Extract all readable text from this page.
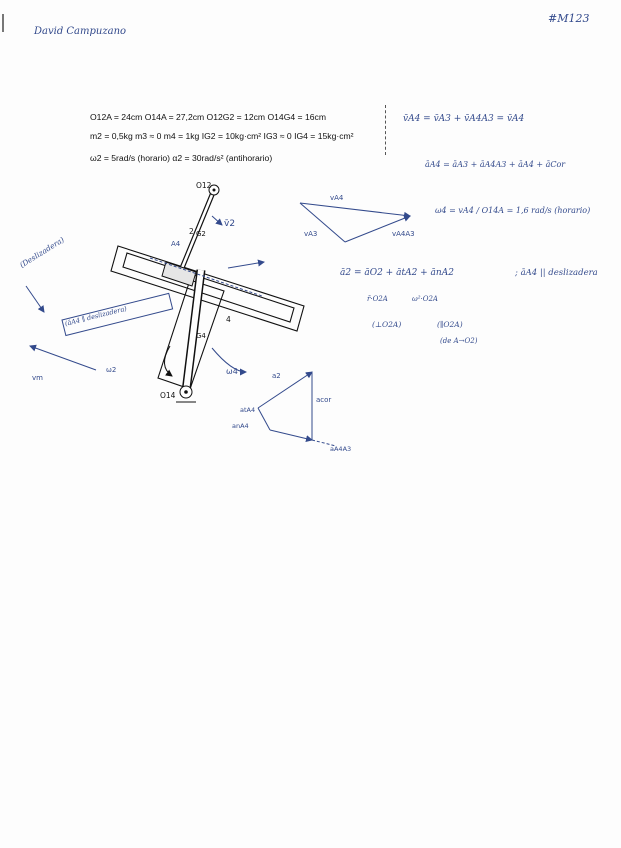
David Campuzano
#M123
O12A = 24cm O14A = 27,2cm O12G2 = 12cm O14G4 = 16cm
m2 = 0,5kg m3 ≈ 0 m4 = 1kg IG2 = 10kg·cm² IG3 ≈ 0 IG4 = 15kg·cm²
ω2 = 5rad/s (horario) α2 = 30rad/s² (antihorario)
v̄A4 = v̄A3 + v̄A4A3 = v̄A4
āA4 = āA3 + āA4A3 + āA4 + āCor
ω4 = vA4 / O14A = 1,6 rad/s (horario)
ā2 = āO2 + ātA2 + ānA2	; āA4 || deslizadera
r̄·O2A	ω²·O2A
(⊥O2A)	(∥O2A)
(de A→O2)
(Deslizadera)
(āA4 ∥ deslizadera)
O12
O14
2 G2
4
G4
A4
v̄2
ω4
ω2
vm
vA4
vA3	vA4A3
a2
acor
atA4
anA4
aA4A3
